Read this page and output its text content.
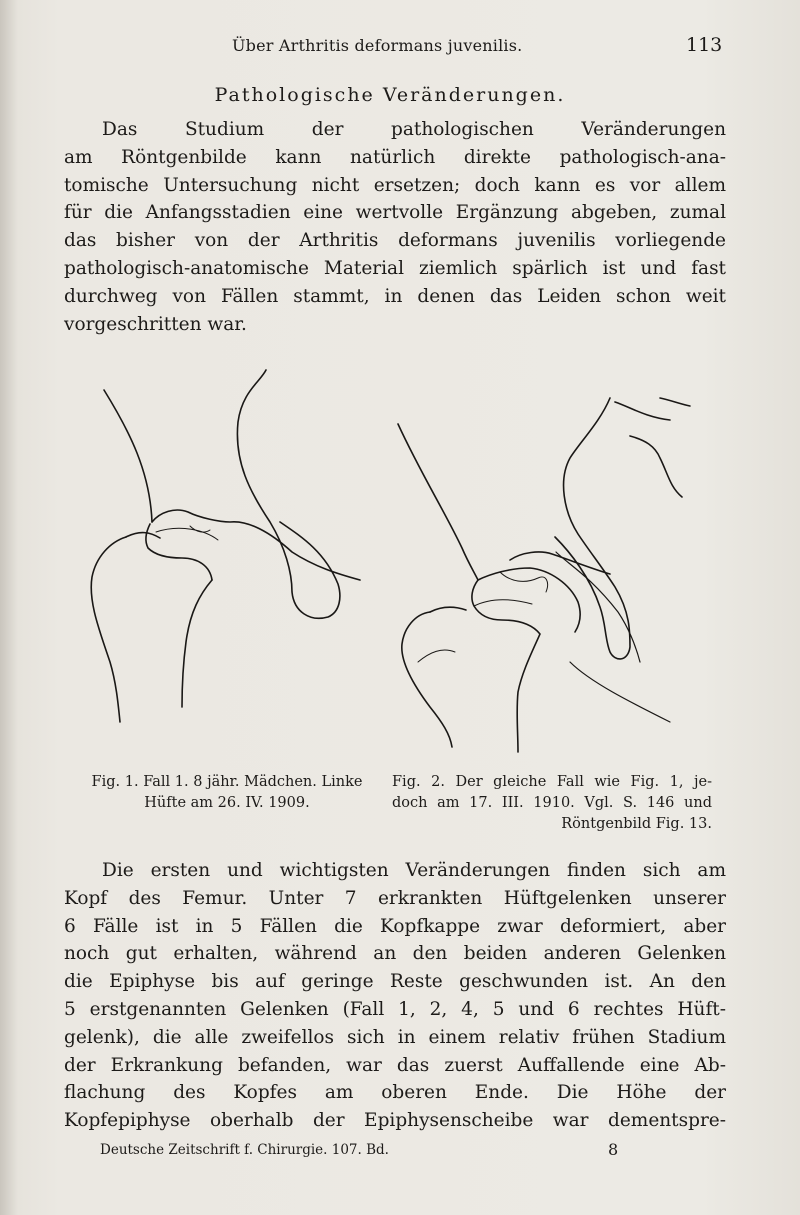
Über Arthritis deformans juvenilis.	113
Pathologische Veränderungen.
Das Studium der pathologischen Veränderungen
am Röntgenbilde kann natürlich direkte pathologisch-ana-
tomische Untersuchung nicht ersetzen; doch kann es vor allem
für die Anfangsstadien eine wertvolle Ergänzung abgeben, zumal
das bisher von der Arthritis deformans juvenilis vorliegende
pathologisch-anatomische Material ziemlich spärlich ist und fast
durchweg von Fällen stammt, in denen das Leiden schon weit
vorgeschritten war.
Fig. 1. Fall 1. 8 jähr. Mädchen. Linke
Hüfte am 26. IV. 1909.
Fig. 2. Der gleiche Fall wie Fig. 1, je-
doch am 17. III. 1910. Vgl. S. 146 und
Röntgenbild Fig. 13.
Die ersten und wichtigsten Veränderungen finden sich am
Kopf des Femur. Unter 7 erkrankten Hüftgelenken unserer
6 Fälle ist in 5 Fällen die Kopfkappe zwar deformiert, aber
noch gut erhalten, während an den beiden anderen Gelenken
die Epiphyse bis auf geringe Reste geschwunden ist. An den
5 erstgenannten Gelenken (Fall 1, 2, 4, 5 und 6 rechtes Hüft-
gelenk), die alle zweifellos sich in einem relativ frühen Stadium
der Erkrankung befanden, war das zuerst Auffallende eine Ab-
flachung des Kopfes am oberen Ende. Die Höhe der
Kopfepiphyse oberhalb der Epiphysenscheibe war dementspre-
Deutsche Zeitschrift f. Chirurgie. 107. Bd.	8
